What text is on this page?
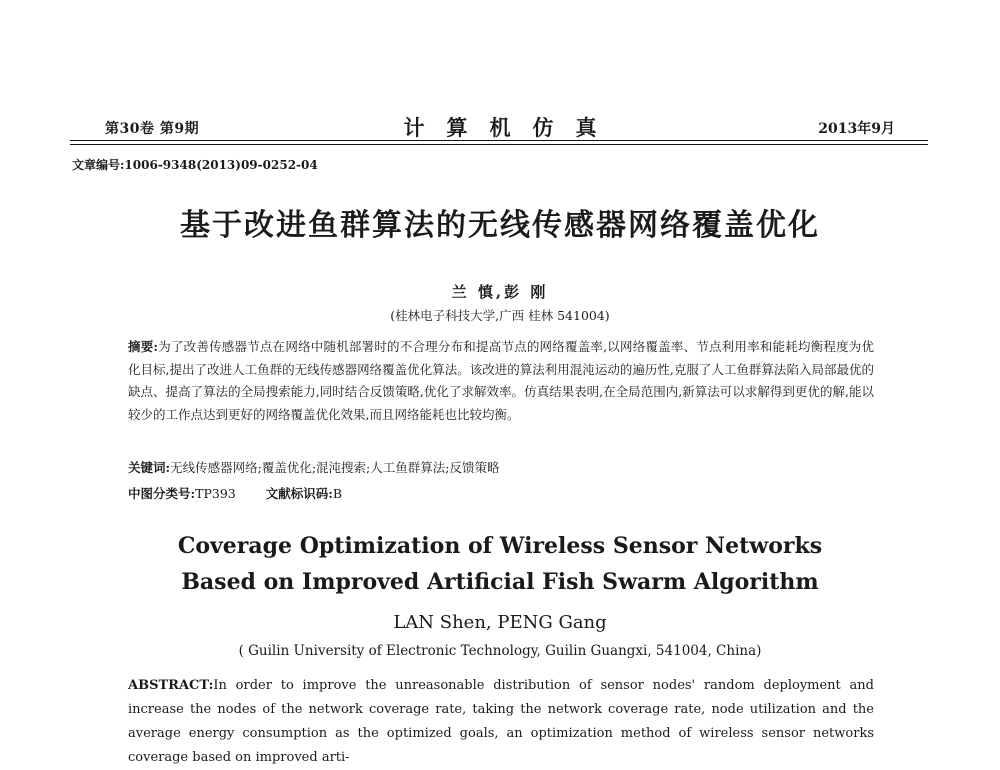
第30卷 第9期	计算机仿真	2013年9月
文章编号:1006-9348(2013)09-0252-04
基于改进鱼群算法的无线传感器网络覆盖优化
兰 慎,彭 刚
(桂林电子科技大学,广西 桂林 541004)
摘要:为了改善传感器节点在网络中随机部署时的不合理分布和提高节点的网络覆盖率,以网络覆盖率、节点利用率和能耗均衡程度为优化目标,提出了改进人工鱼群的无线传感器网络覆盖优化算法。该改进的算法利用混沌运动的遍历性,克服了人工鱼群算法陷入局部最优的缺点、提高了算法的全局搜索能力,同时结合反馈策略,优化了求解效率。仿真结果表明,在全局范围内,新算法可以求解得到更优的解,能以较少的工作点达到更好的网络覆盖优化效果,而且网络能耗也比较均衡。
关键词:无线传感器网络;覆盖优化;混沌搜索;人工鱼群算法;反馈策略
中图分类号:TP393 文献标识码:B
Coverage Optimization of Wireless Sensor Networks
Based on Improved Artificial Fish Swarm Algorithm
LAN Shen, PENG Gang
( Guilin University of Electronic Technology, Guilin Guangxi, 541004, China)
ABSTRACT:In order to improve the unreasonable distribution of sensor nodes' random deployment and increase the nodes of the network coverage rate, taking the network coverage rate, node utilization and the average energy consumption as the optimized goals, an optimization method of wireless sensor networks coverage based on improved arti-
